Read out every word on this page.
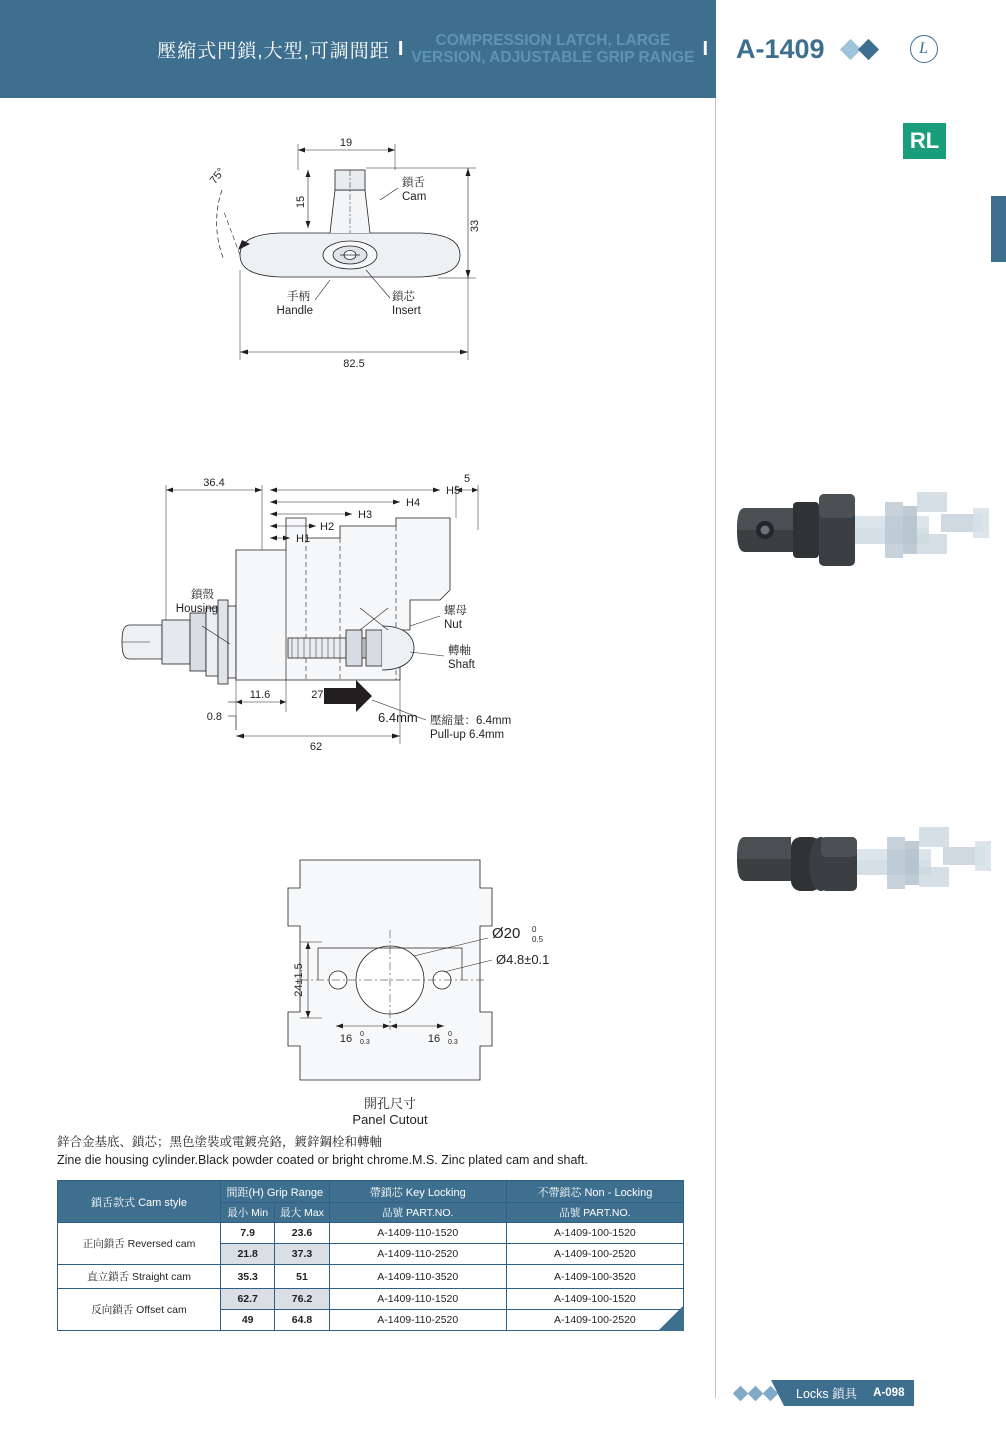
壓縮式門鎖,大型,可調間距 I	COMPRESSION LATCH, LARGE
VERSION, ADJUSTABLE GRIP RANGE I A-1409
L
RL
19
15
33
75°
82.5
鎖舌
Cam
手柄
Handle
鎖芯
Insert
H1
H2
H3
H4
H5
36.4	5
11.6
0.8
27.5
62
6.4mm
鎖殼
Housing	螺母
Nut
轉軸
Shaft
壓縮量：6.4mm
Pull-up 6.4mm
24±1.5
16 0
0.3	16 0
0.3
Ø20 0
0.5
Ø4.8±0.1
開孔尺寸
Panel Cutout
鋅合金基底、鎖芯；黑色塗裝或電鍍亮鉻，鍍鋅鋼栓和轉軸
Zine die housing cylinder.Black powder coated or bright chrome.M.S. Zinc plated cam and shaft.
鎖舌款式 Cam style	間距(H) Grip Range		帶鎖芯 Key Locking	不帶鎖芯 Non - Locking
	最小 Min	最大 Max	品號 PART.NO.	品號 PART.NO.
正向鎖舌 Reversed cam	7.9	23.6	A-1409-110-1520	A-1409-100-1520
	21.8	37.3	A-1409-110-2520	A-1409-100-2520
直立鎖舌 Straight cam	35.3	51	A-1409-110-3520	A-1409-100-3520
反向鎖舌 Offset cam	62.7	76.2	A-1409-110-1520	A-1409-100-1520
	49	64.8	A-1409-110-2520	A-1409-100-2520
Locks 鎖具	A-098
